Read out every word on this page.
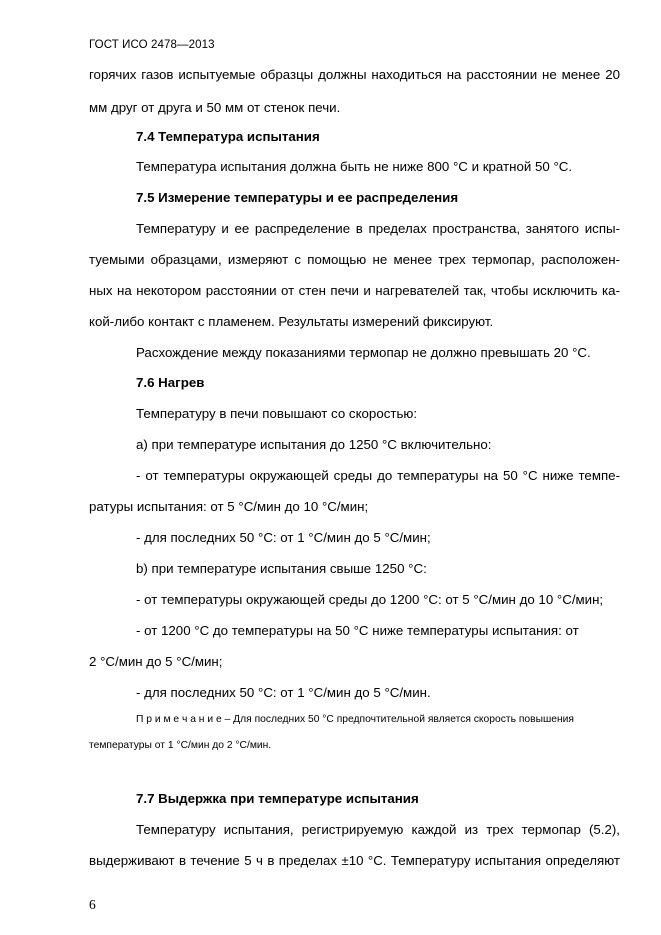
ГОСТ ИСО 2478—2013
горячих газов испытуемые образцы должны находиться на расстоянии не менее 20
мм друг от друга и 50 мм от стенок печи.
7.4 Температура испытания
Температура испытания должна быть не ниже 800 °С и кратной 50 °С.
7.5 Измерение температуры и ее распределения
Температуру и ее распределение в пределах пространства, занятого испы-
туемыми образцами, измеряют с помощью не менее трех термопар, расположен-
ных на некотором расстоянии от стен печи и нагревателей так, чтобы исключить ка-
кой-либо контакт с пламенем. Результаты измерений фиксируют.
Расхождение между показаниями термопар не должно превышать 20 °С.
7.6 Нагрев
Температуру в печи повышают со скоростью:
а) при температуре испытания до 1250 °С включительно:
- от температуры окружающей среды до температуры на 50 °С ниже темпе-
ратуры испытания: от 5 °С/мин до 10 °С/мин;
- для последних 50 °С: от 1 °С/мин до 5 °С/мин;
b) при температуре испытания свыше 1250 °С:
- от температуры окружающей среды до 1200 °С: от 5 °С/мин до 10 °С/мин;
- от 1200 °С до температуры на 50 °С ниже температуры испытания: от
2 °С/мин до 5 °С/мин;
- для последних 50 °С: от 1 °С/мин до 5 °С/мин.
П р и м е ч а н и е – Для последних 50 °С предпочтительной является скорость повышения
температуры от 1 °С/мин до 2 °С/мин.
7.7 Выдержка при температуре испытания
Температуру испытания, регистрируемую каждой из трех термопар (5.2),
выдерживают в течение 5 ч в пределах ±10 °С. Температуру испытания определяют
6
